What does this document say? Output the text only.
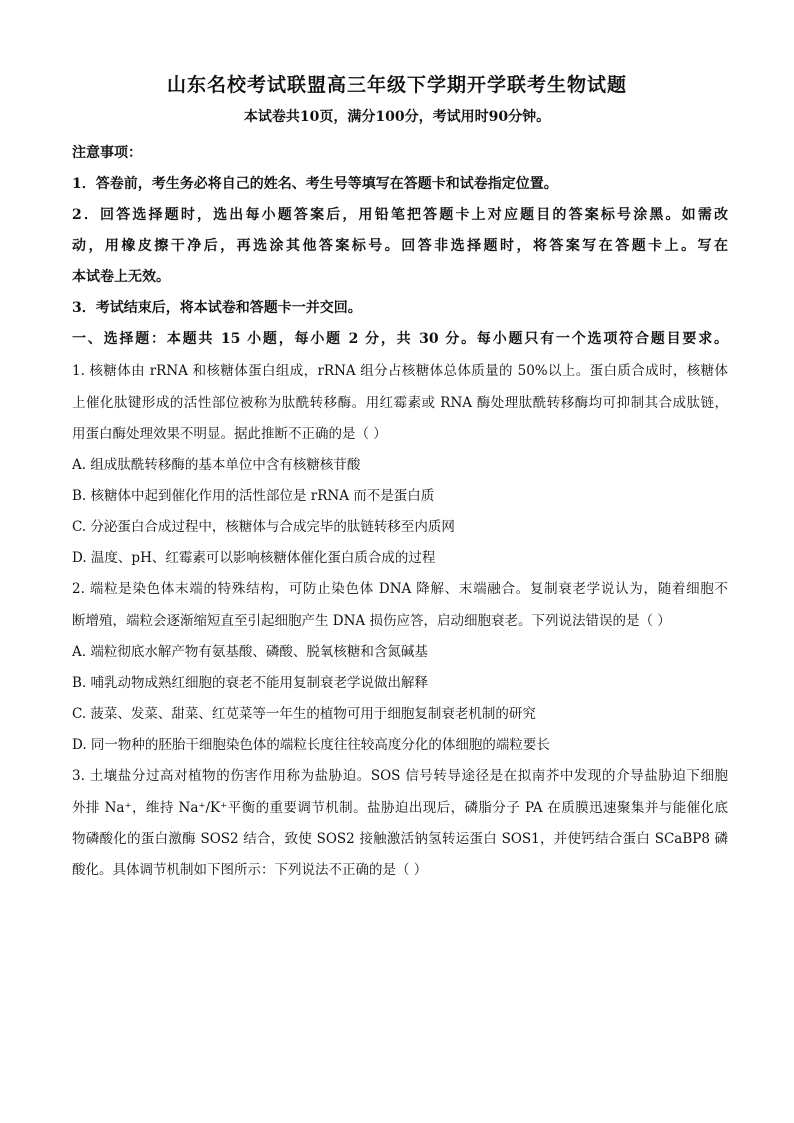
山东名校考试联盟高三年级下学期开学联考生物试题
本试卷共10页，满分100分，考试用时90分钟。
注意事项：
1．答卷前，考生务必将自己的姓名、考生号等填写在答题卡和试卷指定位置。
2．回答选择题时，选出每小题答案后，用铅笔把答题卡上对应题目的答案标号涂黑。如需改
动，用橡皮擦干净后，再选涂其他答案标号。回答非选择题时，将答案写在答题卡上。写在
本试卷上无效。
3．考试结束后，将本试卷和答题卡一并交回。
一、选择题：本题共 15 小题，每小题 2 分，共 30 分。每小题只有一个选项符合题目要求。
1. 核糖体由 rRNA 和核糖体蛋白组成，rRNA 组分占核糖体总体质量的 50%以上。蛋白质合成时，核糖体
上催化肽键形成的活性部位被称为肽酰转移酶。用红霉素或 RNA 酶处理肽酰转移酶均可抑制其合成肽链，
用蛋白酶处理效果不明显。据此推断不正确的是（ ）
A. 组成肽酰转移酶的基本单位中含有核糖核苷酸
B. 核糖体中起到催化作用的活性部位是 rRNA 而不是蛋白质
C. 分泌蛋白合成过程中，核糖体与合成完毕的肽链转移至内质网
D. 温度、pH、红霉素可以影响核糖体催化蛋白质合成的过程
2. 端粒是染色体末端的特殊结构，可防止染色体 DNA 降解、末端融合。复制衰老学说认为，随着细胞不
断增殖，端粒会逐渐缩短直至引起细胞产生 DNA 损伤应答，启动细胞衰老。下列说法错误的是（ ）
A. 端粒彻底水解产物有氨基酸、磷酸、脱氧核糖和含氮碱基
B. 哺乳动物成熟红细胞的衰老不能用复制衰老学说做出解释
C. 菠菜、发菜、甜菜、红苋菜等一年生的植物可用于细胞复制衰老机制的研究
D. 同一物种的胚胎干细胞染色体的端粒长度往往较高度分化的体细胞的端粒要长
3. 土壤盐分过高对植物的伤害作用称为盐胁迫。SOS 信号转导途径是在拟南芥中发现的介导盐胁迫下细胞
外排 Na⁺，维持 Na⁺/K⁺平衡的重要调节机制。盐胁迫出现后，磷脂分子 PA 在质膜迅速聚集并与能催化底
物磷酸化的蛋白激酶 SOS2 结合，致使 SOS2 接触激活钠氢转运蛋白 SOS1，并使钙结合蛋白 SCaBP8 磷
酸化。具体调节机制如下图所示：下列说法不正确的是（ ）
